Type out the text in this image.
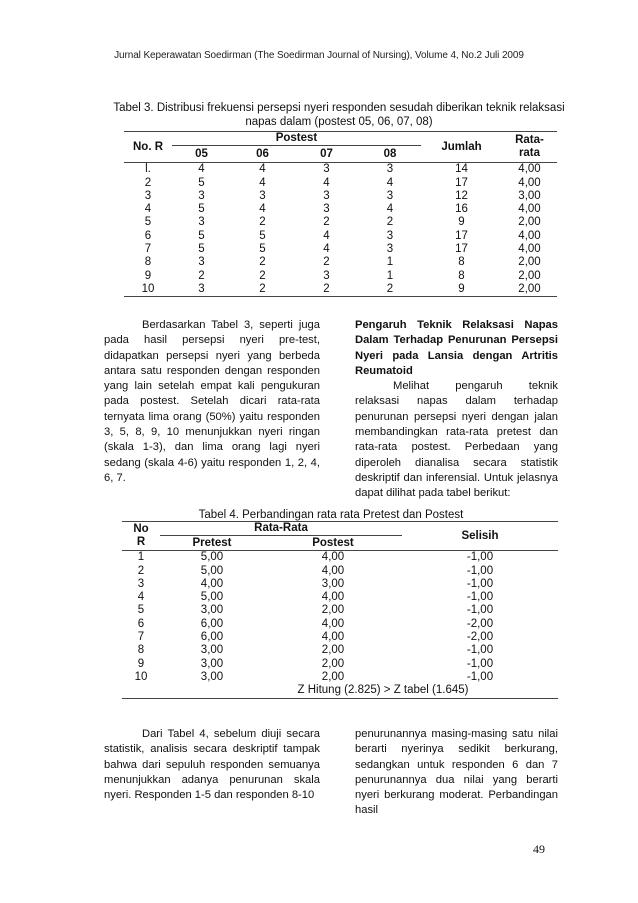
Jurnal Keperawatan Soedirman (The Soedirman Journal of Nursing), Volume 4, No.2 Juli 2009
Tabel 3. Distribusi frekuensi persepsi nyeri responden sesudah diberikan teknik relaksasi
napas dalam (postest 05, 06, 07, 08)
No. R	Postest				Jumlah	Rata-
rata

	05	06	07	08		
l.	4	4	3	3	14	4,00
2	5	4	4	4	17	4,00
3	3	3	3	3	12	3,00
4	5	4	3	4	16	4,00
5	3	2	2	2	9	2,00
6	5	5	4	3	17	4,00
7	5	5	4	3	17	4,00
8	3	2	2	1	8	2,00
9	2	2	3	1	8	2,00
10	3	2	2	2	9	2,00

Berdasarkan Tabel 3, seperti juga pada hasil persepsi nyeri pre-test, didapatkan persepsi nyeri yang berbeda antara satu responden dengan responden yang lain setelah empat kali pengukuran pada postest. Setelah dicari rata-rata ternyata lima orang (50%) yaitu responden 3, 5, 8, 9, 10 menunjukkan nyeri ringan (skala 1-3), dan lima orang lagi nyeri sedang (skala 4-6) yaitu responden 1, 2, 4, 6, 7.

Pengaruh Teknik Relaksasi Napas Dalam Terhadap Penurunan Persepsi Nyeri pada Lansia dengan Artritis Reumatoid

Melihat pengaruh teknik relaksasi napas dalam terhadap penurunan persepsi nyeri dengan jalan membandingkan rata-rata pretest dan rata-rata postest. Perbedaan yang diperoleh dianalisa secara statistik deskriptif dan inferensial. Untuk jelasnya dapat dilihat pada tabel berikut:

Tabel 4. Perbandingan rata rata Pretest dan Postest
No
R	Rata-Rata		Selisih
	Pretest	Postest	
1	5,00	4,00	-1,00
2	5,00	4,00	-1,00
3	4,00	3,00	-1,00
4	5,00	4,00	-1,00
5	3,00	2,00	-1,00
6	6,00	4,00	-2,00
7	6,00	4,00	-2,00
8	3,00	2,00	-1,00
9	3,00	2,00	-1,00
10	3,00	2,00	-1,00
Z Hitung (2.825) > Z tabel (1.645)			

Dari Tabel 4, sebelum diuji secara statistik, analisis secara deskriptif tampak bahwa dari sepuluh responden semuanya menunjukkan adanya penurunan skala nyeri. Responden 1-5 dan responden 8-10

penurunannya masing-masing satu nilai berarti nyerinya sedikit berkurang, sedangkan untuk responden 6 dan 7 penurunannya dua nilai yang berarti nyeri berkurang moderat. Perbandingan hasil

49
